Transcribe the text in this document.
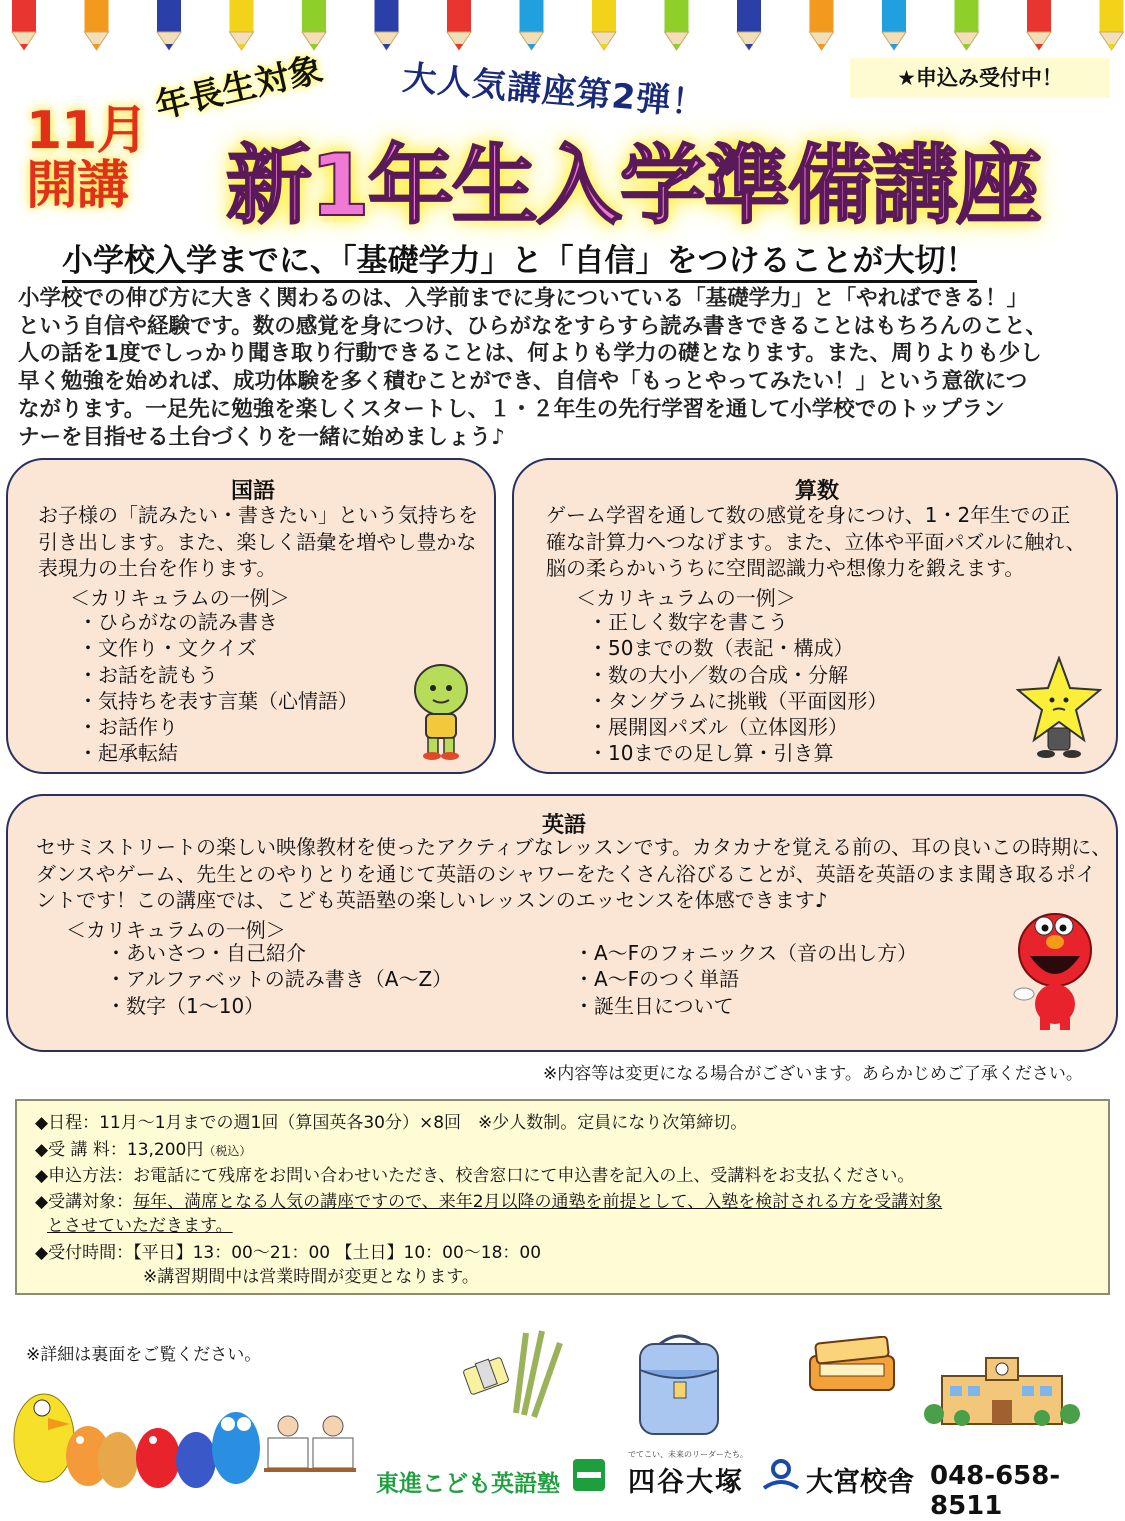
★申込み受付中！
11月
開講
年長生対象 大人気講座第2弾！
新1年生入学準備講座
小学校入学までに、「基礎学力」と「自信」をつけることが大切！
小学校での伸び方に大きく関わるのは、入学前までに身についている「基礎学力」と「やればできる！」
という自信や経験です。数の感覚を身につけ、ひらがなをすらすら読み書きできることはもちろんのこと、
人の話を1度でしっかり聞き取り行動できることは、何よりも学力の礎となります。また、周りよりも少し
早く勉強を始めれば、成功体験を多く積むことができ、自信や「もっとやってみたい！」という意欲につ
ながります。一足先に勉強を楽しくスタートし、１・２年生の先行学習を通して小学校でのトップラン
ナーを目指せる土台づくりを一緒に始めましょう♪
国語
お子様の「読みたい・書きたい」という気持ちを
引き出します。また、楽しく語彙を増やし豊かな
表現力の土台を作ります。
＜カリキュラムの一例＞
・ ひらがなの読み書き
・ 文作り・文クイズ
・ お話を読もう
・ 気持ちを表す言葉（心情語）
・ お話作り
・ 起承転結
算数
ゲーム学習を通して数の感覚を身につけ、1・2年生での正
確な計算力へつなげます。また、立体や平面パズルに触れ、
脳の柔らかいうちに空間認識力や想像力を鍛えます。
＜カリキュラムの一例＞
・ 正しく数字を書こう
・ 50までの数（表記・構成）
・ 数の大小／数の合成・分解
・ タングラムに挑戦（平面図形）
・ 展開図パズル（立体図形）
・ 10までの足し算・引き算
英語
セサミストリートの楽しい映像教材を使ったアクティブなレッスンです。カタカナを覚える前の、耳の良いこの時期に、
ダンスやゲーム、先生とのやりとりを通じて英語のシャワーをたくさん浴びることが、英語を英語のまま聞き取るポイ
ントです！この講座では、こども英語塾の楽しいレッスンのエッセンスを体感できます♪
＜カリキュラムの一例＞
・ あいさつ・自己紹介
・ アルファベットの読み書き（A～Z）
・ 数字（1～10）
・ A～Fのフォニックス（音の出し方）
・ A～Fのつく単語
・ 誕生日について
※内容等は変更になる場合がございます。あらかじめご了承ください。
◆日程：11月～1月までの週1回（算国英各30分）×8回　※少人数制。定員になり次第締切。
◆受 講 料：13,200円（税込）
◆申込方法：お電話にて残席をお問い合わせいただき、校舎窓口にて申込書を記入の上、受講料をお支払ください。
◆受講対象：毎年、満席となる人気の講座ですので、来年2月以降の通塾を前提として、入塾を検討される方を受講対象
とさせていただきます。
◆受付時間：【平日】13：00～21：00 【土日】10：00～18：00
※講習期間中は営業時間が変更となります。
※詳細は裏面をご覧ください。
東進こども英語塾
でてこい、未来のリーダーたち。
四谷大塚 大宮校舎 048-658-8511
